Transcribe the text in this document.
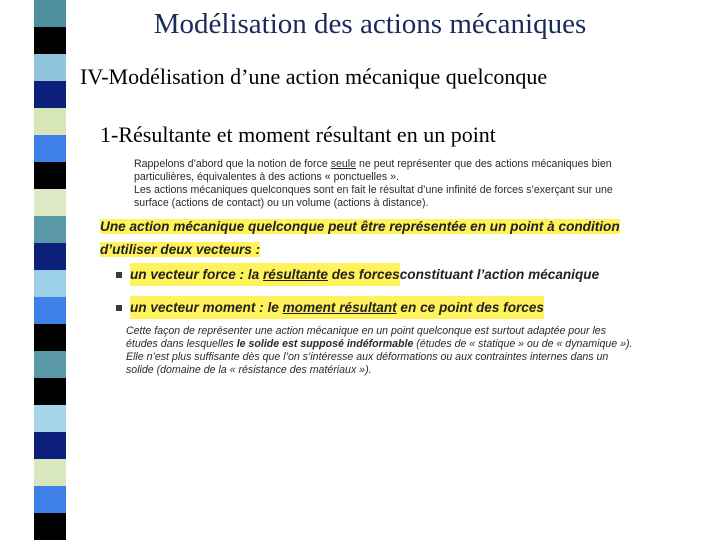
Modélisation des actions mécaniques
IV-Modélisation d’une action mécanique quelconque
1-Résultante et moment résultant en un point
Rappelons d’abord que la notion de force seule ne peut représenter que des actions mécaniques bien
particulières, équivalentes à des actions « ponctuelles ».
Les actions mécaniques quelconques sont en fait le résultat d’une infinité de forces s’exerçant sur une
surface (actions de contact) ou un volume (actions à distance).
Une action mécanique quelconque peut être représentée en un point à condition
d’utiliser deux vecteurs :
un vecteur force : la résultante des forces constituant l’action mécanique
un vecteur moment : le moment résultant en ce point des forces
Cette façon de représenter une action mécanique en un point quelconque est surtout adaptée pour les
études dans lesquelles le solide est supposé indéformable (études de « statique » ou de « dynamique »).
Elle n’est plus suffisante dès que l’on s’intéresse aux déformations ou aux contraintes internes dans un
solide (domaine de la « résistance des matériaux »).
